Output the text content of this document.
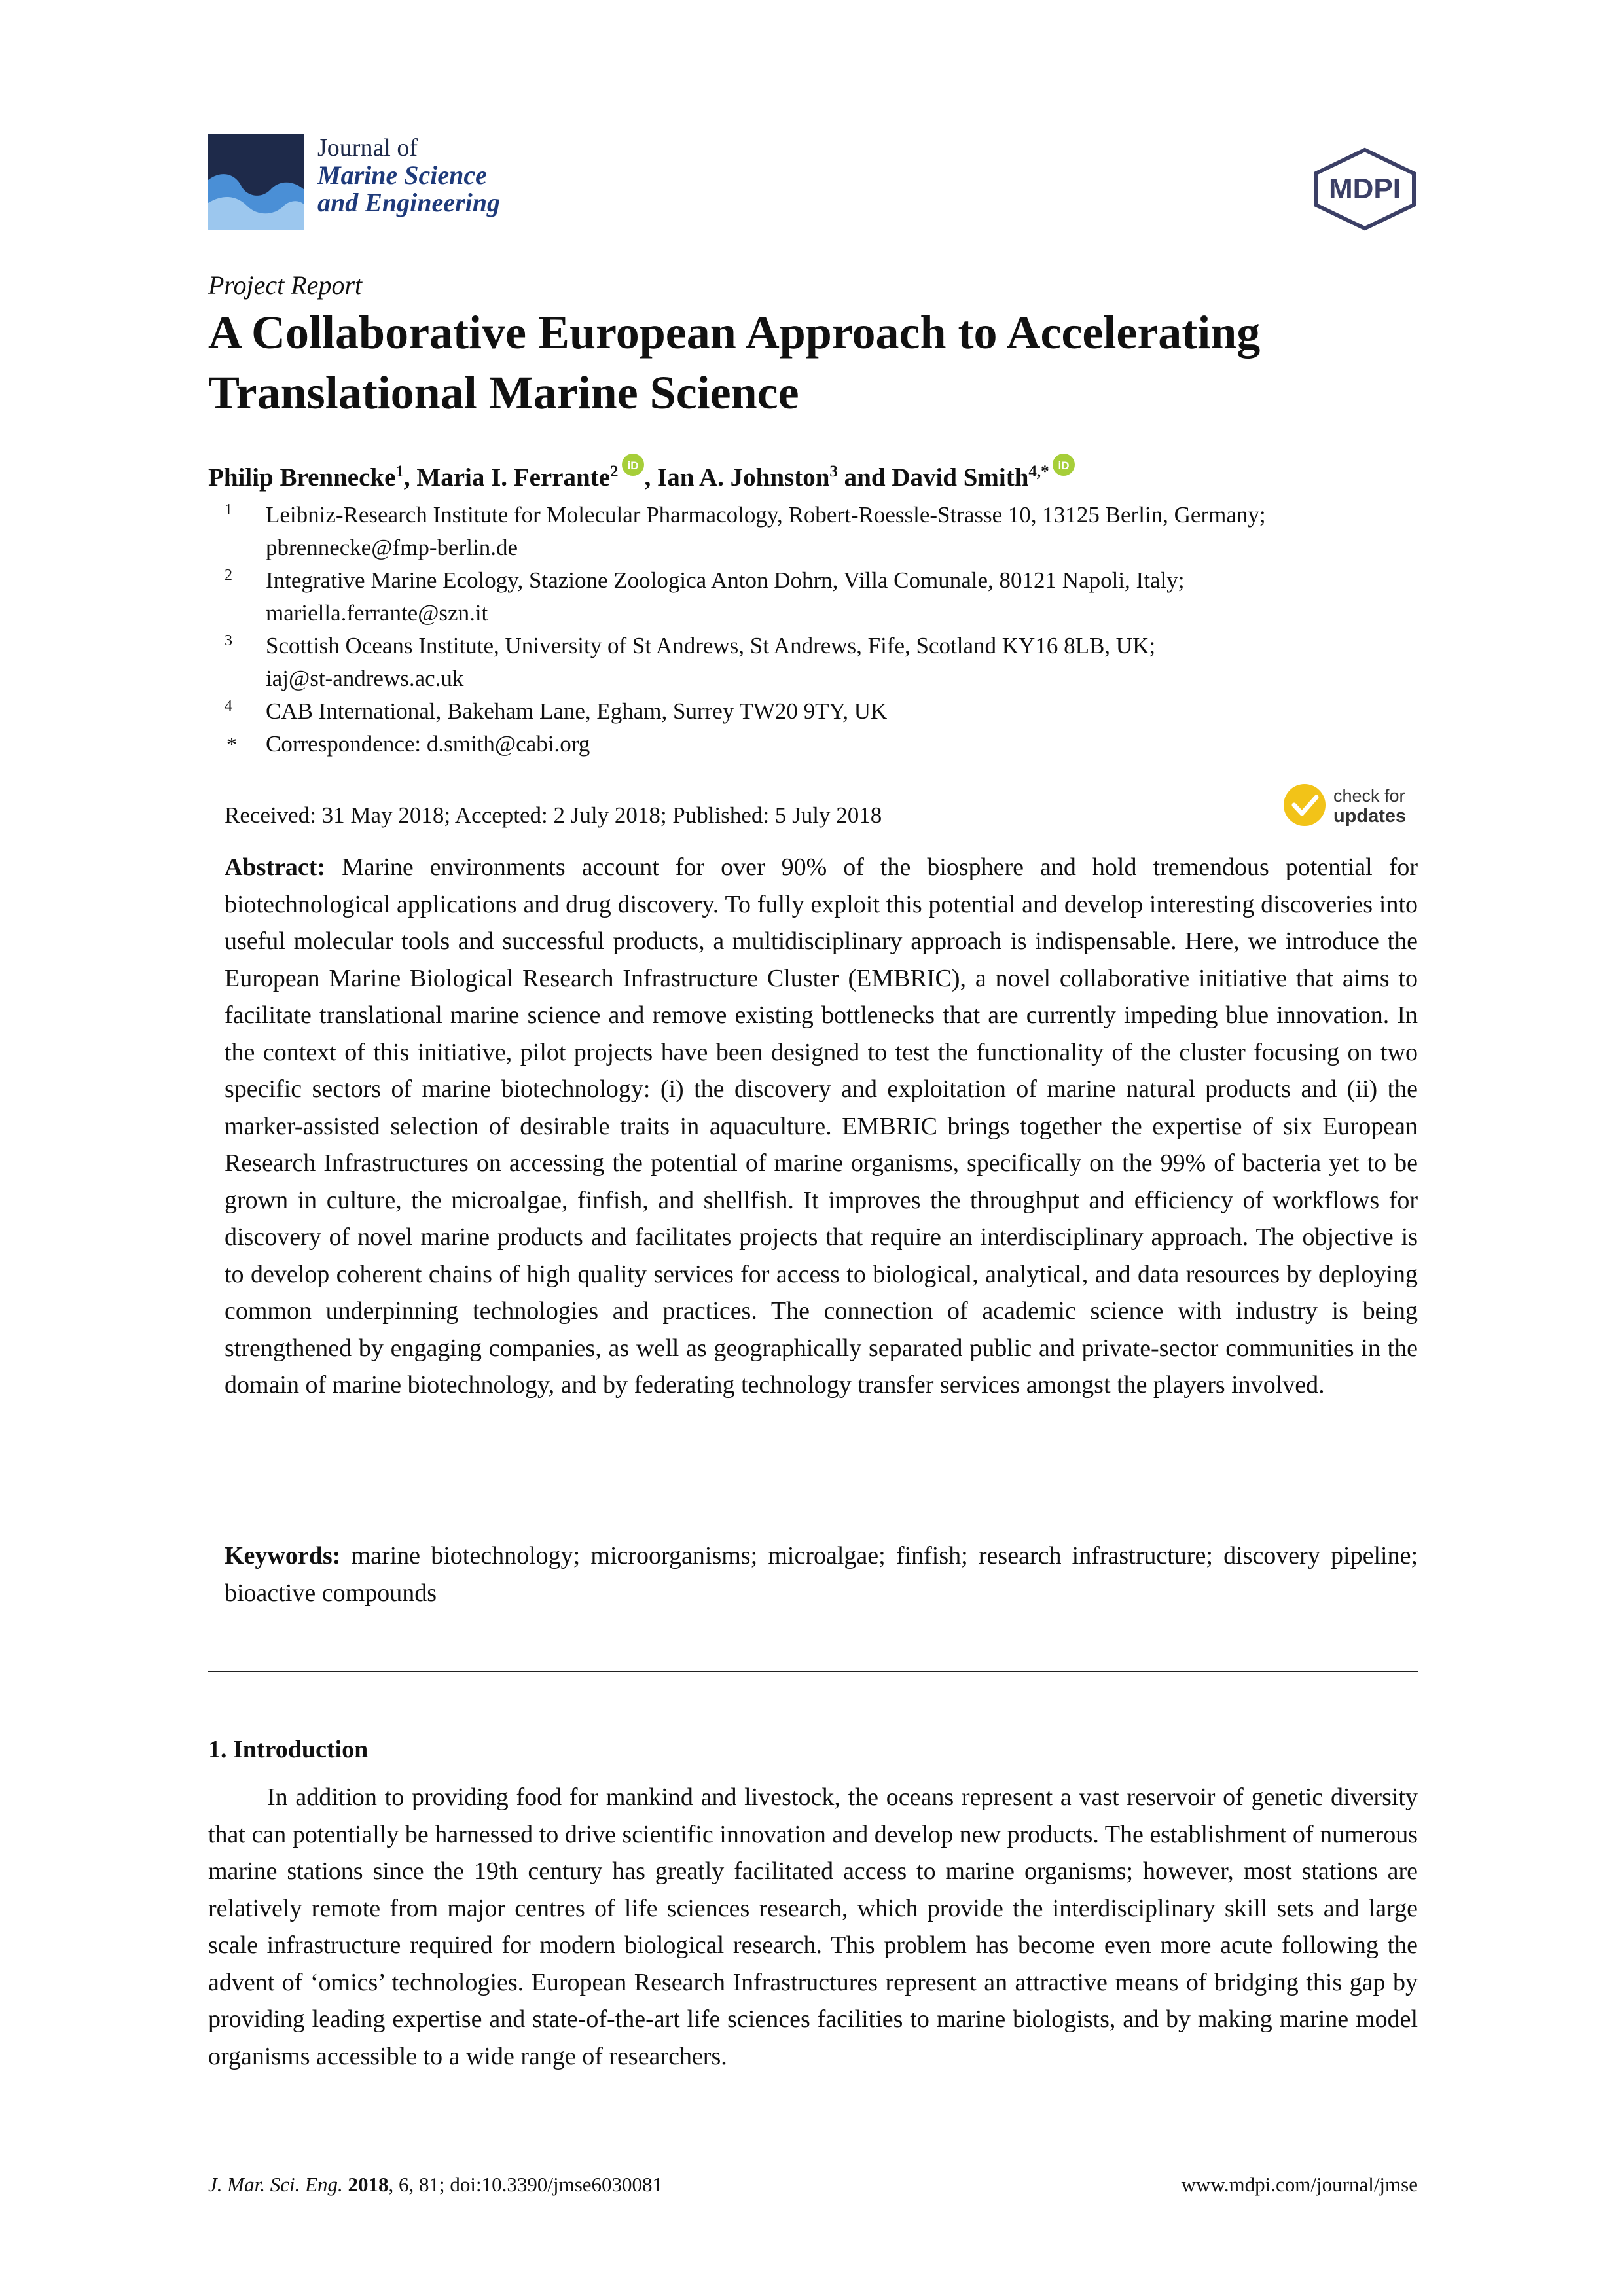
Journal of
Marine Science
and Engineering	MDPI
Project Report
A Collaborative European Approach to Accelerating Translational Marine Science
Philip Brennecke$^1$, Maria I. Ferrante$^2$ iD , Ian A. Johnston$^3$ and David Smith$^{4,*}$ iD
1 Leibniz-Research Institute for Molecular Pharmacology, Robert-Roessle-Strasse 10, 13125 Berlin, Germany;
pbrennecke@fmp-berlin.de
2 Integrative Marine Ecology, Stazione Zoologica Anton Dohrn, Villa Comunale, 80121 Napoli, Italy;
mariella.ferrante@szn.it
3 Scottish Oceans Institute, University of St Andrews, St Andrews, Fife, Scotland KY16 8LB, UK;
iaj@st-andrews.ac.uk
4 CAB International, Bakeham Lane, Egham, Surrey TW20 9TY, UK
* Correspondence: d.smith@cabi.org
Received: 31 May 2018; Accepted: 2 July 2018; Published: 5 July 2018
check for
updates
Abstract: Marine environments account for over 90% of the biosphere and hold tremendous potential for biotechnological applications and drug discovery. To fully exploit this potential and develop interesting discoveries into useful molecular tools and successful products, a multidisciplinary approach is indispensable. Here, we introduce the European Marine Biological Research Infrastructure Cluster (EMBRIC), a novel collaborative initiative that aims to facilitate translational marine science and remove existing bottlenecks that are currently impeding blue innovation. In the context of this initiative, pilot projects have been designed to test the functionality of the cluster focusing on two specific sectors of marine biotechnology: (i) the discovery and exploitation of marine natural products and (ii) the marker-assisted selection of desirable traits in aquaculture. EMBRIC brings together the expertise of six European Research Infrastructures on accessing the potential of marine organisms, specifically on the 99% of bacteria yet to be grown in culture, the microalgae, finfish, and shellfish. It improves the throughput and efficiency of workflows for discovery of novel marine products and facilitates projects that require an interdisciplinary approach. The objective is to develop coherent chains of high quality services for access to biological, analytical, and data resources by deploying common underpinning technologies and practices. The connection of academic science with industry is being strengthened by engaging companies, as well as geographically separated public and private-sector communities in the domain of marine biotechnology, and by federating technology transfer services amongst the players involved.
Keywords: marine biotechnology; microorganisms; microalgae; finfish; research infrastructure; discovery pipeline; bioactive compounds
1. Introduction
In addition to providing food for mankind and livestock, the oceans represent a vast reservoir of genetic diversity that can potentially be harnessed to drive scientific innovation and develop new products. The establishment of numerous marine stations since the 19th century has greatly facilitated access to marine organisms; however, most stations are relatively remote from major centres of life sciences research, which provide the interdisciplinary skill sets and large scale infrastructure required for modern biological research. This problem has become even more acute following the advent of ‘omics’ technologies. European Research Infrastructures represent an attractive means of bridging this gap by providing leading expertise and state-of-the-art life sciences facilities to marine biologists, and by making marine model organisms accessible to a wide range of researchers.
J. Mar. Sci. Eng. 2018, 6, 81; doi:10.3390/jmse6030081	www.mdpi.com/journal/jmse
